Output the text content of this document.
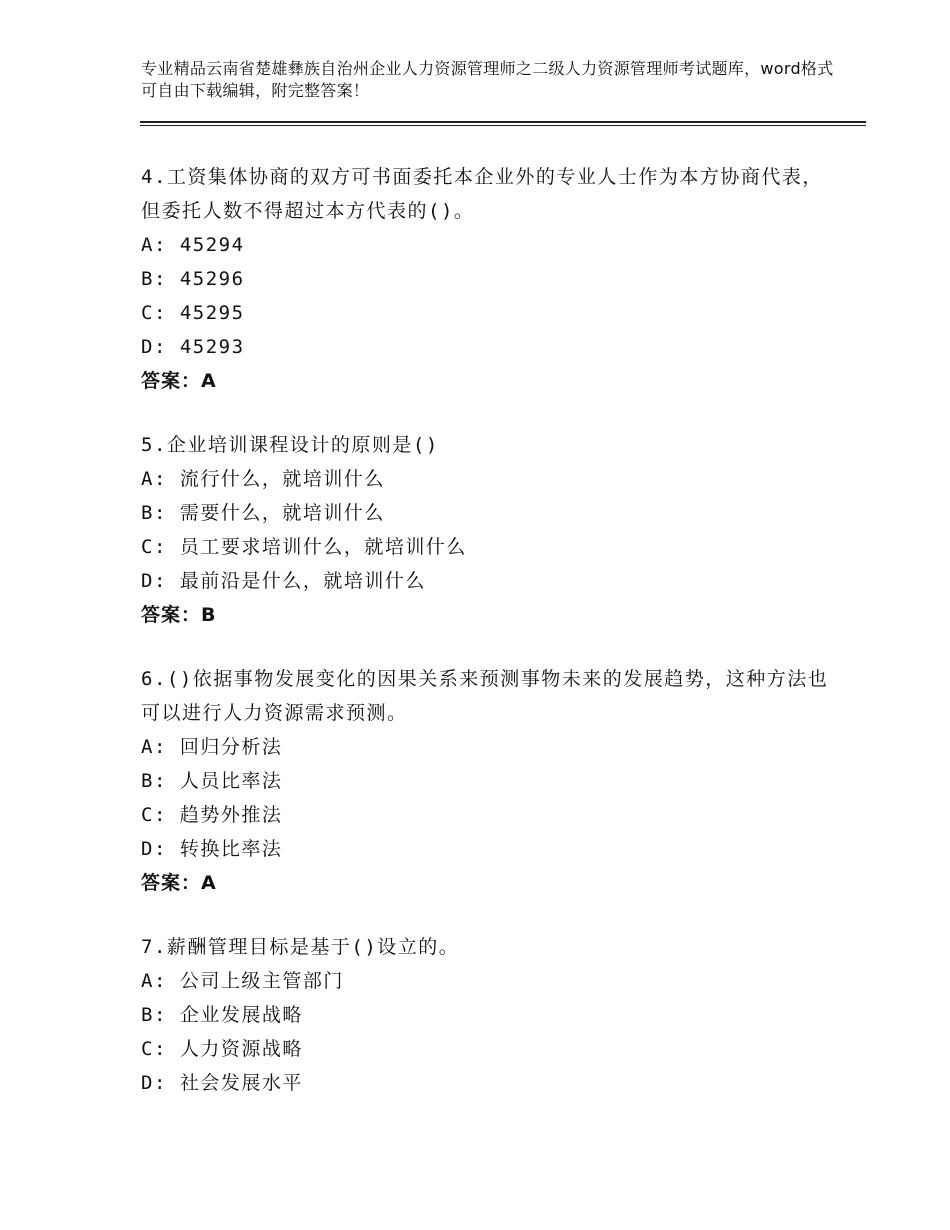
专业精品云南省楚雄彝族自治州企业人力资源管理师之二级人力资源管理师考试题库，word格式可自由下载编辑，附完整答案！
4.工资集体协商的双方可书面委托本企业外的专业人士作为本方协商代表，但委托人数不得超过本方代表的()。
A: 45294
B: 45296
C: 45295
D: 45293
答案：A
5.企业培训课程设计的原则是()
A: 流行什么，就培训什么
B: 需要什么，就培训什么
C: 员工要求培训什么，就培训什么
D: 最前沿是什么，就培训什么
答案：B
6.()依据事物发展变化的因果关系来预测事物未来的发展趋势，这种方法也可以进行人力资源需求预测。
A: 回归分析法
B: 人员比率法
C: 趋势外推法
D: 转换比率法
答案：A
7.薪酬管理目标是基于()设立的。
A: 公司上级主管部门
B: 企业发展战略
C: 人力资源战略
D: 社会发展水平
